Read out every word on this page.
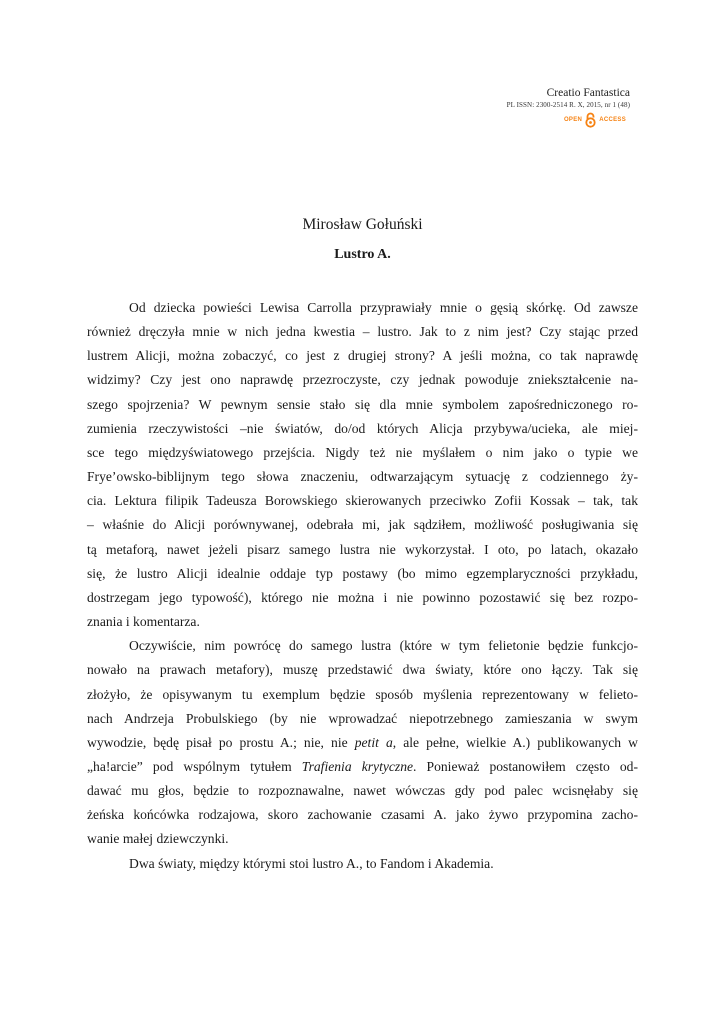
Creatio Fantastica
PL ISSN: 2300-2514 R. X, 2015, nr 1 (48)
OPEN	ACCESS
Mirosław Gołuński
Lustro A.

Od dziecka powieści Lewisa Carrolla przyprawiały mnie o gęsią skórkę. Od zawsze
również dręczyła mnie w nich jedna kwestia – lustro. Jak to z nim jest? Czy stając przed
lustrem Alicji, można zobaczyć, co jest z drugiej strony? A jeśli można, co tak naprawdę
widzimy? Czy jest ono naprawdę przezroczyste, czy jednak powoduje zniekształcenie na-
szego spojrzenia? W pewnym sensie stało się dla mnie symbolem zapośredniczonego ro-
zumienia rzeczywistości –nie światów, do/od których Alicja przybywa/ucieka, ale miej-
sce tego międzyświatowego przejścia. Nigdy też nie myślałem o nim jako o typie we
Frye’owsko-biblijnym tego słowa znaczeniu, odtwarzającym sytuację z codziennego ży-
cia. Lektura filipik Tadeusza Borowskiego skierowanych przeciwko Zofii Kossak – tak, tak
– właśnie do Alicji porównywanej, odebrała mi, jak sądziłem, możliwość posługiwania się
tą metaforą, nawet jeżeli pisarz samego lustra nie wykorzystał. I oto, po latach, okazało
się, że lustro Alicji idealnie oddaje typ postawy (bo mimo egzemplaryczności przykładu,
dostrzegam jego typowość), którego nie można i nie powinno pozostawić się bez rozpo-
znania i komentarza.

Oczywiście, nim powrócę do samego lustra (które w tym felietonie będzie funkcjo-
nowało na prawach metafory), muszę przedstawić dwa światy, które ono łączy. Tak się
złożyło, że opisywanym tu exemplum będzie sposób myślenia reprezentowany w felieto-
nach Andrzeja Probulskiego (by nie wprowadzać niepotrzebnego zamieszania w swym
wywodzie, będę pisał po prostu A.; nie, nie petit a, ale pełne, wielkie A.) publikowanych w
„ha!arcie” pod wspólnym tytułem Trafienia krytyczne. Ponieważ postanowiłem często od-
dawać mu głos, będzie to rozpoznawalne, nawet wówczas gdy pod palec wcisnęłaby się
żeńska końcówka rodzajowa, skoro zachowanie czasami A. jako żywo przypomina zacho-
wanie małej dziewczynki.

Dwa światy, między którymi stoi lustro A., to Fandom i Akademia.
